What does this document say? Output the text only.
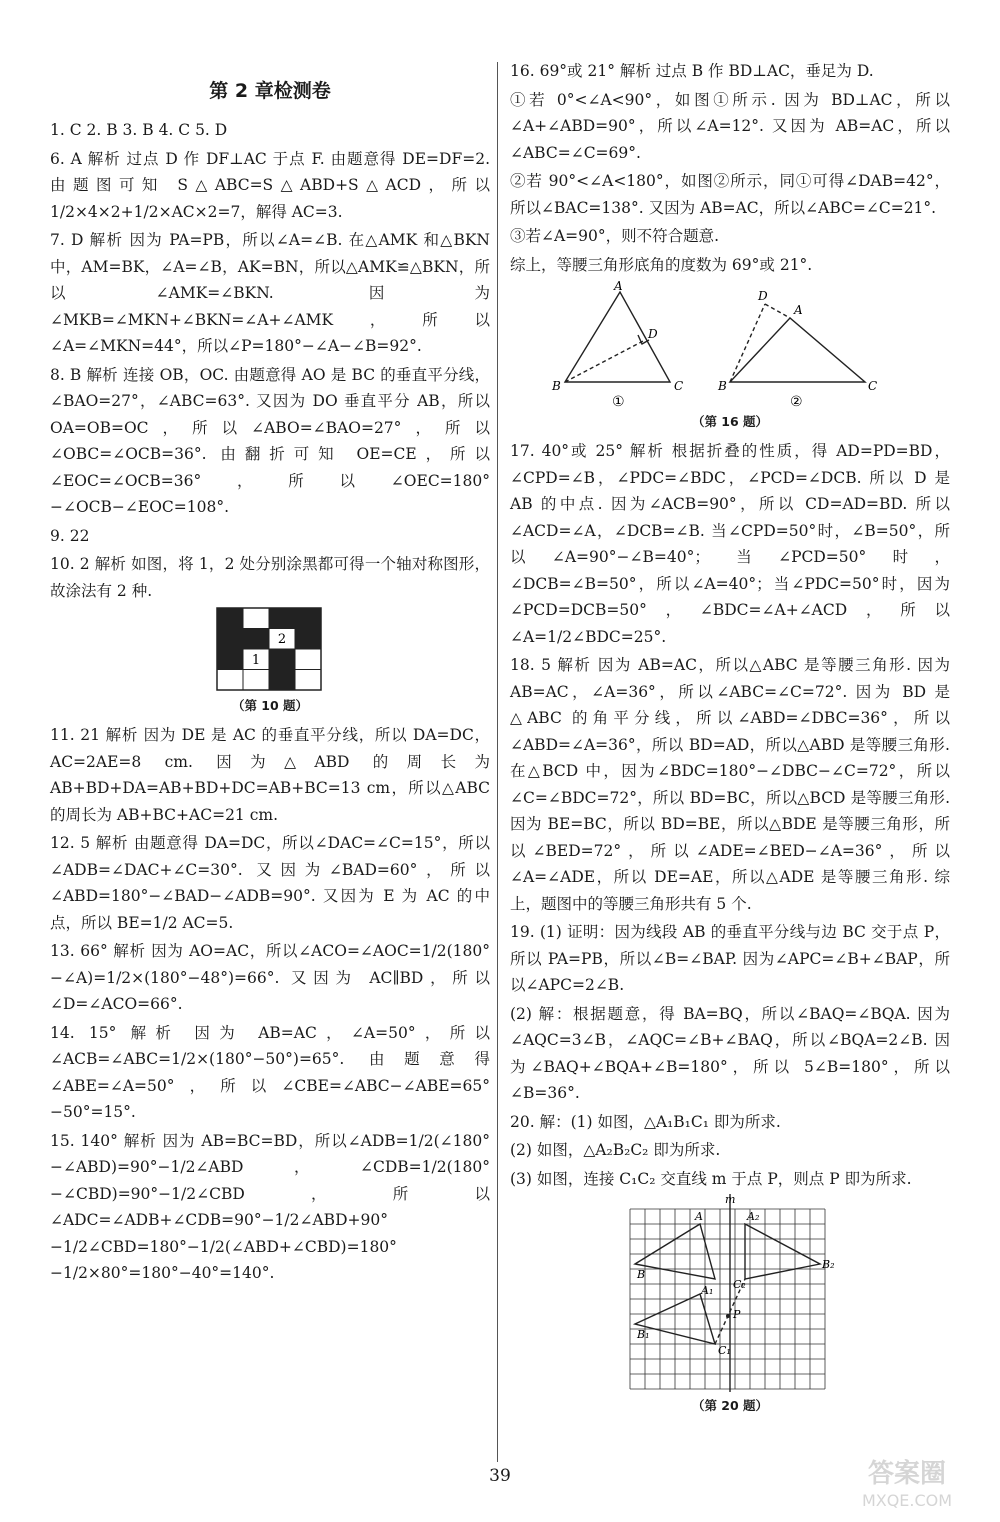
第 2 章检测卷
1. C 2. B 3. B 4. C 5. D
6. A 解析 过点 D 作 DF⊥AC 于点 F. 由题意得 DE=DF=2. 由题图可知 S△ABC=S△ABD+S△ACD，所以 1/2×4×2+1/2×AC×2=7，解得 AC=3.
7. D 解析 因为 PA=PB，所以∠A=∠B. 在△AMK 和△BKN 中，AM=BK，∠A=∠B，AK=BN，所以△AMK≌△BKN，所以∠AMK=∠BKN. 因为∠MKB=∠MKN+∠BKN=∠A+∠AMK，所以∠A=∠MKN=44°，所以∠P=180°−∠A−∠B=92°.
8. B 解析 连接 OB，OC. 由题意得 AO 是 BC 的垂直平分线，∠BAO=27°，∠ABC=63°. 又因为 DO 垂直平分 AB，所以 OA=OB=OC，所以∠ABO=∠BAO=27°，所以∠OBC=∠OCB=36°. 由翻折可知 OE=CE，所以∠EOC=∠OCB=36°，所以∠OEC=180°−∠OCB−∠EOC=108°.
9. 22
10. 2 解析 如图，将 1，2 处分别涂黑都可得一个轴对称图形，故涂法有 2 种.
1
2
（第 10 题）
11. 21 解析 因为 DE 是 AC 的垂直平分线，所以 DA=DC，AC=2AE=8 cm. 因为△ABD 的周长为 AB+BD+DA=AB+BD+DC=AB+BC=13 cm，所以△ABC 的周长为 AB+BC+AC=21 cm.
12. 5 解析 由题意得 DA=DC，所以∠DAC=∠C=15°，所以∠ADB=∠DAC+∠C=30°. 又因为∠BAD=60°，所以∠ABD=180°−∠BAD−∠ADB=90°. 又因为 E 为 AC 的中点，所以 BE=1/2 AC=5.
13. 66° 解析 因为 AO=AC，所以∠ACO=∠AOC=1/2(180°−∠A)=1/2×(180°−48°)=66°. 又因为 AC∥BD，所以∠D=∠ACO=66°.
14. 15° 解析 因为 AB=AC，∠A=50°，所以∠ACB=∠ABC=1/2×(180°−50°)=65°. 由题意得∠ABE=∠A=50°，所以∠CBE=∠ABC−∠ABE=65°−50°=15°.
15. 140° 解析 因为 AB=BC=BD，所以∠ADB=1/2(∠180°−∠ABD)=90°−1/2∠ABD，∠CDB=1/2(180°−∠CBD)=90°−1/2∠CBD，所以∠ADC=∠ADB+∠CDB=90°−1/2∠ABD+90°−1/2∠CBD=180°−1/2(∠ABD+∠CBD)=180°−1/2×80°=180°−40°=140°.
16. 69°或 21° 解析 过点 B 作 BD⊥AC，垂足为 D.
①若 0°<∠A<90°，如图①所示. 因为 BD⊥AC，所以∠A+∠ABD=90°，所以∠A=12°. 又因为 AB=AC，所以∠ABC=∠C=69°.
②若 90°<∠A<180°，如图②所示，同①可得∠DAB=42°，所以∠BAC=138°. 又因为 AB=AC，所以∠ABC=∠C=21°.
③若∠A=90°，则不符合题意.
综上，等腰三角形底角的度数为 69°或 21°.
A
B	C
D
D
A
B	C
①	②
（第 16 题）
17. 40°或 25° 解析 根据折叠的性质，得 AD=PD=BD，∠CPD=∠B，∠PDC=∠BDC，∠PCD=∠DCB. 所以 D 是 AB 的中点. 因为∠ACB=90°，所以 CD=AD=BD. 所以∠ACD=∠A，∠DCB=∠B. 当∠CPD=50°时，∠B=50°，所以∠A=90°−∠B=40°；当∠PCD=50°时，∠DCB=∠B=50°，所以∠A=40°；当∠PDC=50°时，因为∠PCD=DCB=50°，∠BDC=∠A+∠ACD，所以∠A=1/2∠BDC=25°.
18. 5 解析 因为 AB=AC，所以△ABC 是等腰三角形. 因为 AB=AC，∠A=36°，所以∠ABC=∠C=72°. 因为 BD 是△ABC 的角平分线，所以∠ABD=∠DBC=36°，所以∠ABD=∠A=36°，所以 BD=AD，所以△ABD 是等腰三角形. 在△BCD 中，因为∠BDC=180°−∠DBC−∠C=72°，所以∠C=∠BDC=72°，所以 BD=BC，所以△BCD 是等腰三角形. 因为 BE=BC，所以 BD=BE，所以△BDE 是等腰三角形，所以∠BED=72°，所以∠ADE=∠BED−∠A=36°，所以∠A=∠ADE，所以 DE=AE，所以△ADE 是等腰三角形. 综上，题图中的等腰三角形共有 5 个.
19. (1) 证明：因为线段 AB 的垂直平分线与边 BC 交于点 P，所以 PA=PB，所以∠B=∠BAP. 因为∠APC=∠B+∠BAP，所以∠APC=2∠B.
(2) 解：根据题意，得 BA=BQ，所以∠BAQ=∠BQA. 因为∠AQC=3∠B，∠AQC=∠B+∠BAQ，所以∠BQA=2∠B. 因为∠BAQ+∠BQA+∠B=180°，所以 5∠B=180°，所以∠B=36°.
20. 解：(1) 如图，△A₁B₁C₁ 即为所求.
(2) 如图，△A₂B₂C₂ 即为所求.
(3) 如图，连接 C₁C₂ 交直线 m 于点 P，则点 P 即为所求.
m
A	A₂
B
B₂
A₁ C₂
P
B₁
C₁
（第 20 题）
39	答案圈
MXQE.COM
